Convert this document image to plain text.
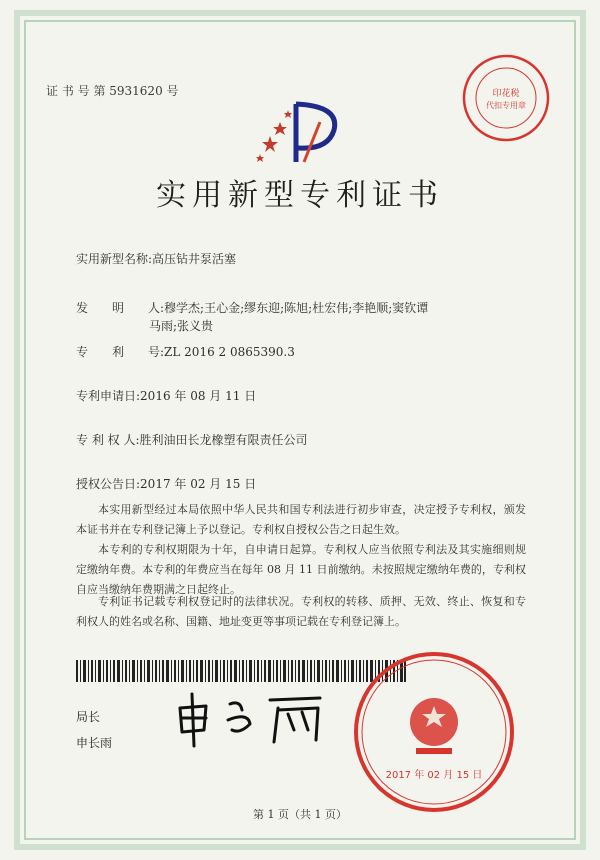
证 书 号 第 5931620 号	印花税
代扣专用章
实用新型专利证书
实用新型名称:高压钻井泵活塞
发　　明　　人:穆学杰;王心金;缪东迎;陈旭;杜宏伟;李艳顺;窦钦谭
马雨;张义贵
专　　利　　号:ZL 2016 2 0865390.3
专利申请日:2016 年 08 月 11 日
专 利 权 人:胜利油田长龙橡塑有限责任公司
授权公告日:2017 年 02 月 15 日
本实用新型经过本局依照中华人民共和国专利法进行初步审查，决定授予专利权，颁发本证书并在专利登记簿上予以登记。专利权自授权公告之日起生效。
本专利的专利权期限为十年，自申请日起算。专利权人应当依照专利法及其实施细则规定缴纳年费。本专利的年费应当在每年 08 月 11 日前缴纳。未按照规定缴纳年费的，专利权自应当缴纳年费期满之日起终止。
专利证书记载专利权登记时的法律状况。专利权的转移、质押、无效、终止、恢复和专利权人的姓名或名称、国籍、地址变更等事项记载在专利登记簿上。
局长
申长雨
2017 年 02 月 15 日
第 1 页（共 1 页）
